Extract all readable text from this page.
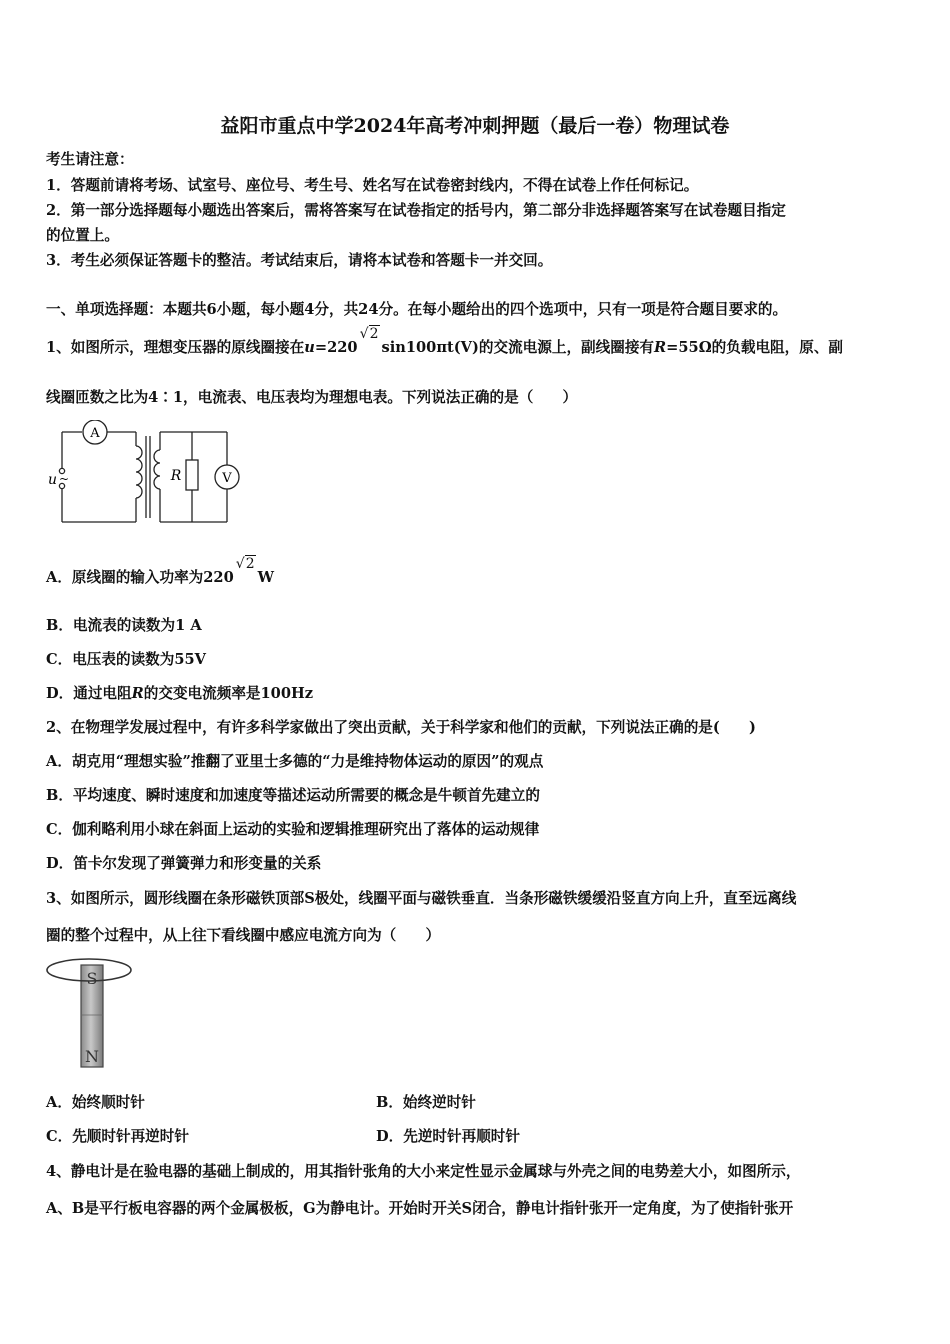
益阳市重点中学2024年高考冲刺押题（最后一卷）物理试卷
考生请注意：
1．答题前请将考场、试室号、座位号、考生号、姓名写在试卷密封线内，不得在试卷上作任何标记。
2．第一部分选择题每小题选出答案后，需将答案写在试卷指定的括号内，第二部分非选择题答案写在试卷题目指定
的位置上。
3．考生必须保证答题卡的整洁。考试结束后，请将本试卷和答题卡一并交回。
一、单项选择题：本题共6小题，每小题4分，共24分。在每小题给出的四个选项中，只有一项是符合题目要求的。
1、如图所示，理想变压器的原线圈接在u=220
√ 2sin100πt(V)的交流电源上，副线圈接有R=55Ω的负载电阻，原、副
线圈匝数之比为4∶1，电流表、电压表均为理想电表。下列说法正确的是（　　）
A
V
R
u ~
A．原线圈的输入功率为220
√ 2W
B．电流表的读数为1 A
C．电压表的读数为55V
D．通过电阻R的交变电流频率是100Hz
2、在物理学发展过程中，有许多科学家做出了突出贡献，关于科学家和他们的贡献，下列说法正确的是(　　)
A．胡克用“理想实验”推翻了亚里士多德的“力是维持物体运动的原因”的观点
B．平均速度、瞬时速度和加速度等描述运动所需要的概念是牛顿首先建立的
C．伽利略利用小球在斜面上运动的实验和逻辑推理研究出了落体的运动规律
D．笛卡尔发现了弹簧弹力和形变量的关系
3、如图所示，圆形线圈在条形磁铁顶部S极处，线圈平面与磁铁垂直．当条形磁铁缓缓沿竖直方向上升，直至远离线
圈的整个过程中，从上往下看线圈中感应电流方向为（　　）
S
N
A．始终顺时针	B．始终逆时针
C．先顺时针再逆时针	D．先逆时针再顺时针
4、静电计是在验电器的基础上制成的，用其指针张角的大小来定性显示金属球与外壳之间的电势差大小，如图所示，
A、B是平行板电容器的两个金属极板，G为静电计。开始时开关S闭合，静电计指针张开一定角度，为了使指针张开
